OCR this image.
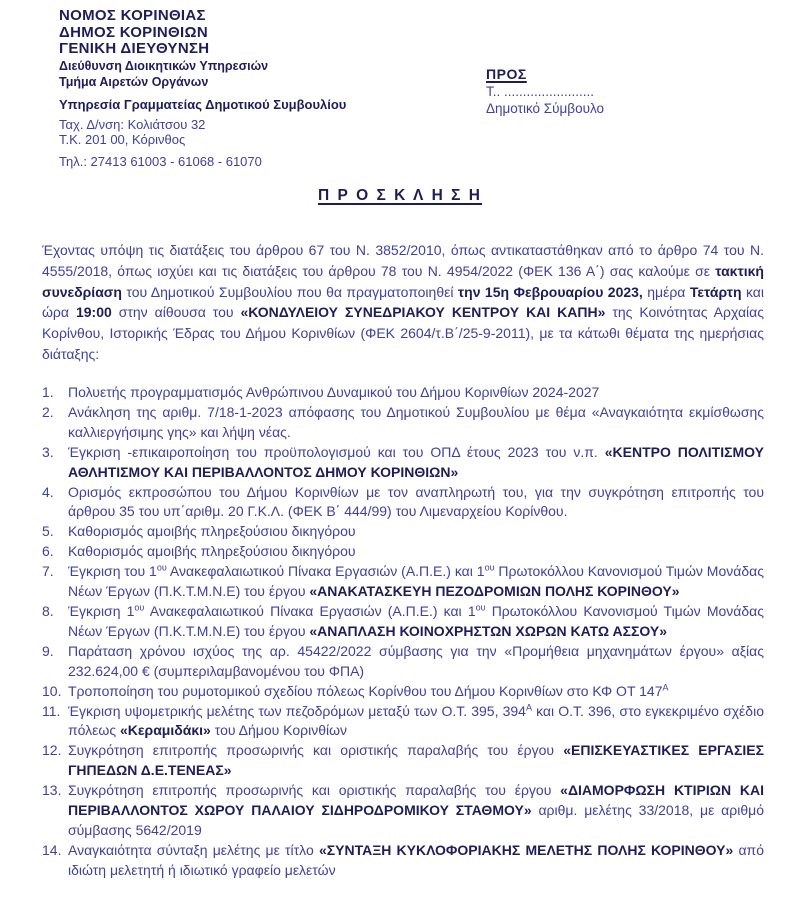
ΝΟΜΟΣ ΚΟΡΙΝΘΙΑΣ
ΔΗΜΟΣ ΚΟΡΙΝΘΙΩΝ
ΓΕΝΙΚΗ ΔΙΕΥΘΥΝΣΗ
Διεύθυνση Διοικητικών Υπηρεσιών
Τμήμα Αιρετών Οργάνων
Υπηρεσία Γραμματείας Δημοτικού Συμβουλίου
Ταχ. Δ/νση: Κολιάτσου 32
Τ.Κ. 201 00, Κόρινθος
Τηλ.: 27413 61003 - 61068 - 61070
ΠΡΟΣ
Τ.. ........................
Δημοτικό Σύμβουλο
Π Ρ Ο Σ Κ Λ Η Σ Η

Έχοντας υπόψη τις διατάξεις του άρθρου 67 του Ν. 3852/2010, όπως αντικαταστάθηκαν από το άρθρο 74 του Ν. 4555/2018, όπως ισχύει και τις διατάξεις του άρθρου 78 του Ν. 4954/2022 (ΦΕΚ 136 Α΄) σας καλούμε σε τακτική συνεδρίαση του Δημοτικού Συμβουλίου που θα πραγματοποιηθεί την 15η Φεβρουαρίου 2023, ημέρα Τετάρτη και ώρα 19:00 στην αίθουσα του «ΚΟΝΔΥΛΕΙΟΥ ΣΥΝΕΔΡΙΑΚΟΥ ΚΕΝΤΡΟΥ ΚΑΙ ΚΑΠΗ» της Κοινότητας Αρχαίας Κορίνθου, Ιστορικής Έδρας του Δήμου Κορινθίων (ΦΕΚ 2604/τ.Β΄/25-9-2011), με τα κάτωθι θέματα της ημερήσιας διάταξης:

1.	Πολυετής προγραμματισμός Ανθρώπινου Δυναμικού του Δήμου Κορινθίων 2024-2027
2.	Ανάκληση της αριθμ. 7/18-1-2023 απόφασης του Δημοτικού Συμβουλίου με θέμα «Αναγκαιότητα εκμίσθωσης καλλιεργήσιμης γης» και λήψη νέας.
3.	Έγκριση -επικαιροποίηση του προϋπολογισμού και του ΟΠΔ έτους 2023 του ν.π. «ΚΕΝΤΡΟ ΠΟΛΙΤΙΣΜΟΥ ΑΘΛΗΤΙΣΜΟΥ ΚΑΙ ΠΕΡΙΒΑΛΛΟΝΤΟΣ ΔΗΜΟΥ ΚΟΡΙΝΘΙΩΝ»
4.	Ορισμός εκπροσώπου του Δήμου Κορινθίων με τον αναπληρωτή του, για την συγκρότηση επιτροπής του άρθρου 35 του υπ΄αριθμ. 20 Γ.Κ.Λ. (ΦΕΚ Β΄ 444/99) του Λιμεναρχείου Κορίνθου.
5.	Καθορισμός αμοιβής πληρεξούσιου δικηγόρου
6.	Καθορισμός αμοιβής πληρεξούσιου δικηγόρου
7.	Έγκριση του $1^{o\upsilon}$ Ανακεφαλαιωτικού Πίνακα Εργασιών (Α.Π.Ε.) και $1^{o\upsilon}$ Πρωτοκόλλου Κανονισμού Τιμών Μονάδας Νέων Έργων (Π.Κ.Τ.Μ.Ν.Ε) του έργου «ΑΝΑΚΑΤΑΣΚΕΥΗ ΠΕΖΟΔΡΟΜΙΩΝ ΠΟΛΗΣ ΚΟΡΙΝΘΟΥ»
8.	Έγκριση $1^{o\upsilon}$ Ανακεφαλαιωτικού Πίνακα Εργασιών (Α.Π.Ε.) και $1^{o\upsilon}$ Πρωτοκόλλου Κανονισμού Τιμών Μονάδας Νέων Έργων (Π.Κ.Τ.Μ.Ν.Ε) του έργου «ΑΝΑΠΛΑΣΗ ΚΟΙΝΟΧΡΗΣΤΩΝ ΧΩΡΩΝ ΚΑΤΩ ΑΣΣΟΥ»
9.	Παράταση χρόνου ισχύος της αρ. 45422/2022 σύμβασης για την «Προμήθεια μηχανημάτων έργου» αξίας 232.624,00 € (συμπεριλαμβανομένου του ΦΠΑ)
10. Τροποποίηση του ρυμοτομικού σχεδίου πόλεως Κορίνθου του Δήμου Κορινθίων στο ΚΦ ΟΤ $147^A$
11. Έγκριση υψομετρικής μελέτης των πεζοδρόμων μεταξύ των Ο.Τ. 395, $394^A$ και Ο.Τ. 396, στο εγκεκριμένο σχέδιο πόλεως «Κεραμιδάκι» του Δήμου Κορινθίων
12. Συγκρότηση επιτροπής προσωρινής και οριστικής παραλαβής του έργου «ΕΠΙΣΚΕΥΑΣΤΙΚΕΣ ΕΡΓΑΣΙΕΣ ΓΗΠΕΔΩΝ Δ.Ε.ΤΕΝΕΑΣ»
13. Συγκρότηση επιτροπής προσωρινής και οριστικής παραλαβής του έργου «ΔΙΑΜΟΡΦΩΣΗ ΚΤΙΡΙΩΝ ΚΑΙ ΠΕΡΙΒΑΛΛΟΝΤΟΣ ΧΩΡΟΥ ΠΑΛΑΙΟΥ ΣΙΔΗΡΟΔΡΟΜΙΚΟΥ ΣΤΑΘΜΟΥ» αριθμ. μελέτης 33/2018, με αριθμό σύμβασης 5642/2019
14. Αναγκαιότητα σύνταξη μελέτης με τίτλο «ΣΥΝΤΑΞΗ ΚΥΚΛΟΦΟΡΙΑΚΗΣ ΜΕΛΕΤΗΣ ΠΟΛΗΣ ΚΟΡΙΝΘΟΥ» από ιδιώτη μελετητή ή ιδιωτικό γραφείο μελετών
